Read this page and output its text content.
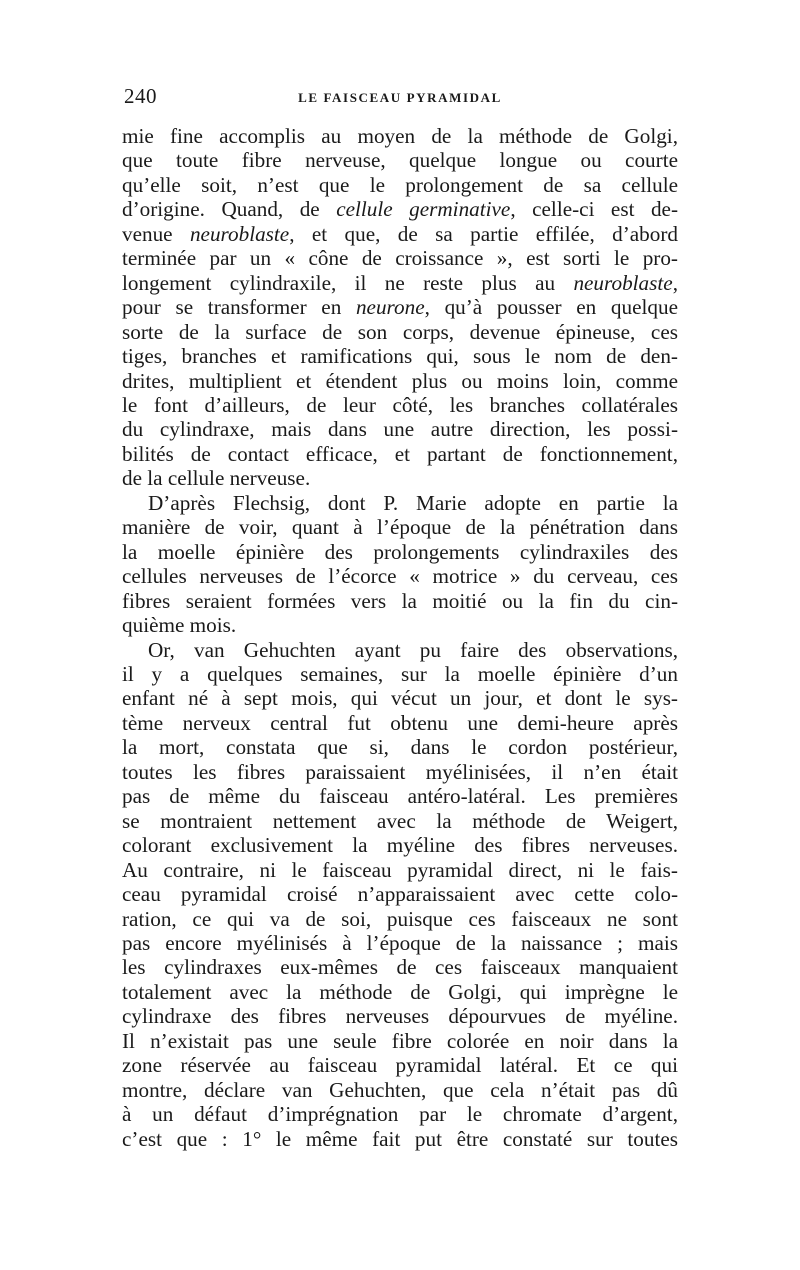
240	LE FAISCEAU PYRAMIDAL
mie fine accomplis au moyen de la méthode de Golgi,
que toute fibre nerveuse, quelque longue ou courte
qu’elle soit, n’est que le prolongement de sa cellule
d’origine. Quand, de cellule germinative, celle-ci est de-
venue neuroblaste, et que, de sa partie effilée, d’abord
terminée par un « cône de croissance », est sorti le pro-
longement cylindraxile, il ne reste plus au neuroblaste,
pour se transformer en neurone, qu’à pousser en quelque
sorte de la surface de son corps, devenue épineuse, ces
tiges, branches et ramifications qui, sous le nom de den-
drites, multiplient et étendent plus ou moins loin, comme
le font d’ailleurs, de leur côté, les branches collatérales
du cylindraxe, mais dans une autre direction, les possi-
bilités de contact efficace, et partant de fonctionnement,
de la cellule nerveuse.
D’après Flechsig, dont P. Marie adopte en partie la
manière de voir, quant à l’époque de la pénétration dans
la moelle épinière des prolongements cylindraxiles des
cellules nerveuses de l’écorce « motrice » du cerveau, ces
fibres seraient formées vers la moitié ou la fin du cin-
quième mois.
Or, van Gehuchten ayant pu faire des observations,
il y a quelques semaines, sur la moelle épinière d’un
enfant né à sept mois, qui vécut un jour, et dont le sys-
tème nerveux central fut obtenu une demi-heure après
la mort, constata que si, dans le cordon postérieur,
toutes les fibres paraissaient myélinisées, il n’en était
pas de même du faisceau antéro-latéral. Les premières
se montraient nettement avec la méthode de Weigert,
colorant exclusivement la myéline des fibres nerveuses.
Au contraire, ni le faisceau pyramidal direct, ni le fais-
ceau pyramidal croisé n’apparaissaient avec cette colo-
ration, ce qui va de soi, puisque ces faisceaux ne sont
pas encore myélinisés à l’époque de la naissance ; mais
les cylindraxes eux-mêmes de ces faisceaux manquaient
totalement avec la méthode de Golgi, qui imprègne le
cylindraxe des fibres nerveuses dépourvues de myéline.
Il n’existait pas une seule fibre colorée en noir dans la
zone réservée au faisceau pyramidal latéral. Et ce qui
montre, déclare van Gehuchten, que cela n’était pas dû
à un défaut d’imprégnation par le chromate d’argent,
c’est que : 1° le même fait put être constaté sur toutes
